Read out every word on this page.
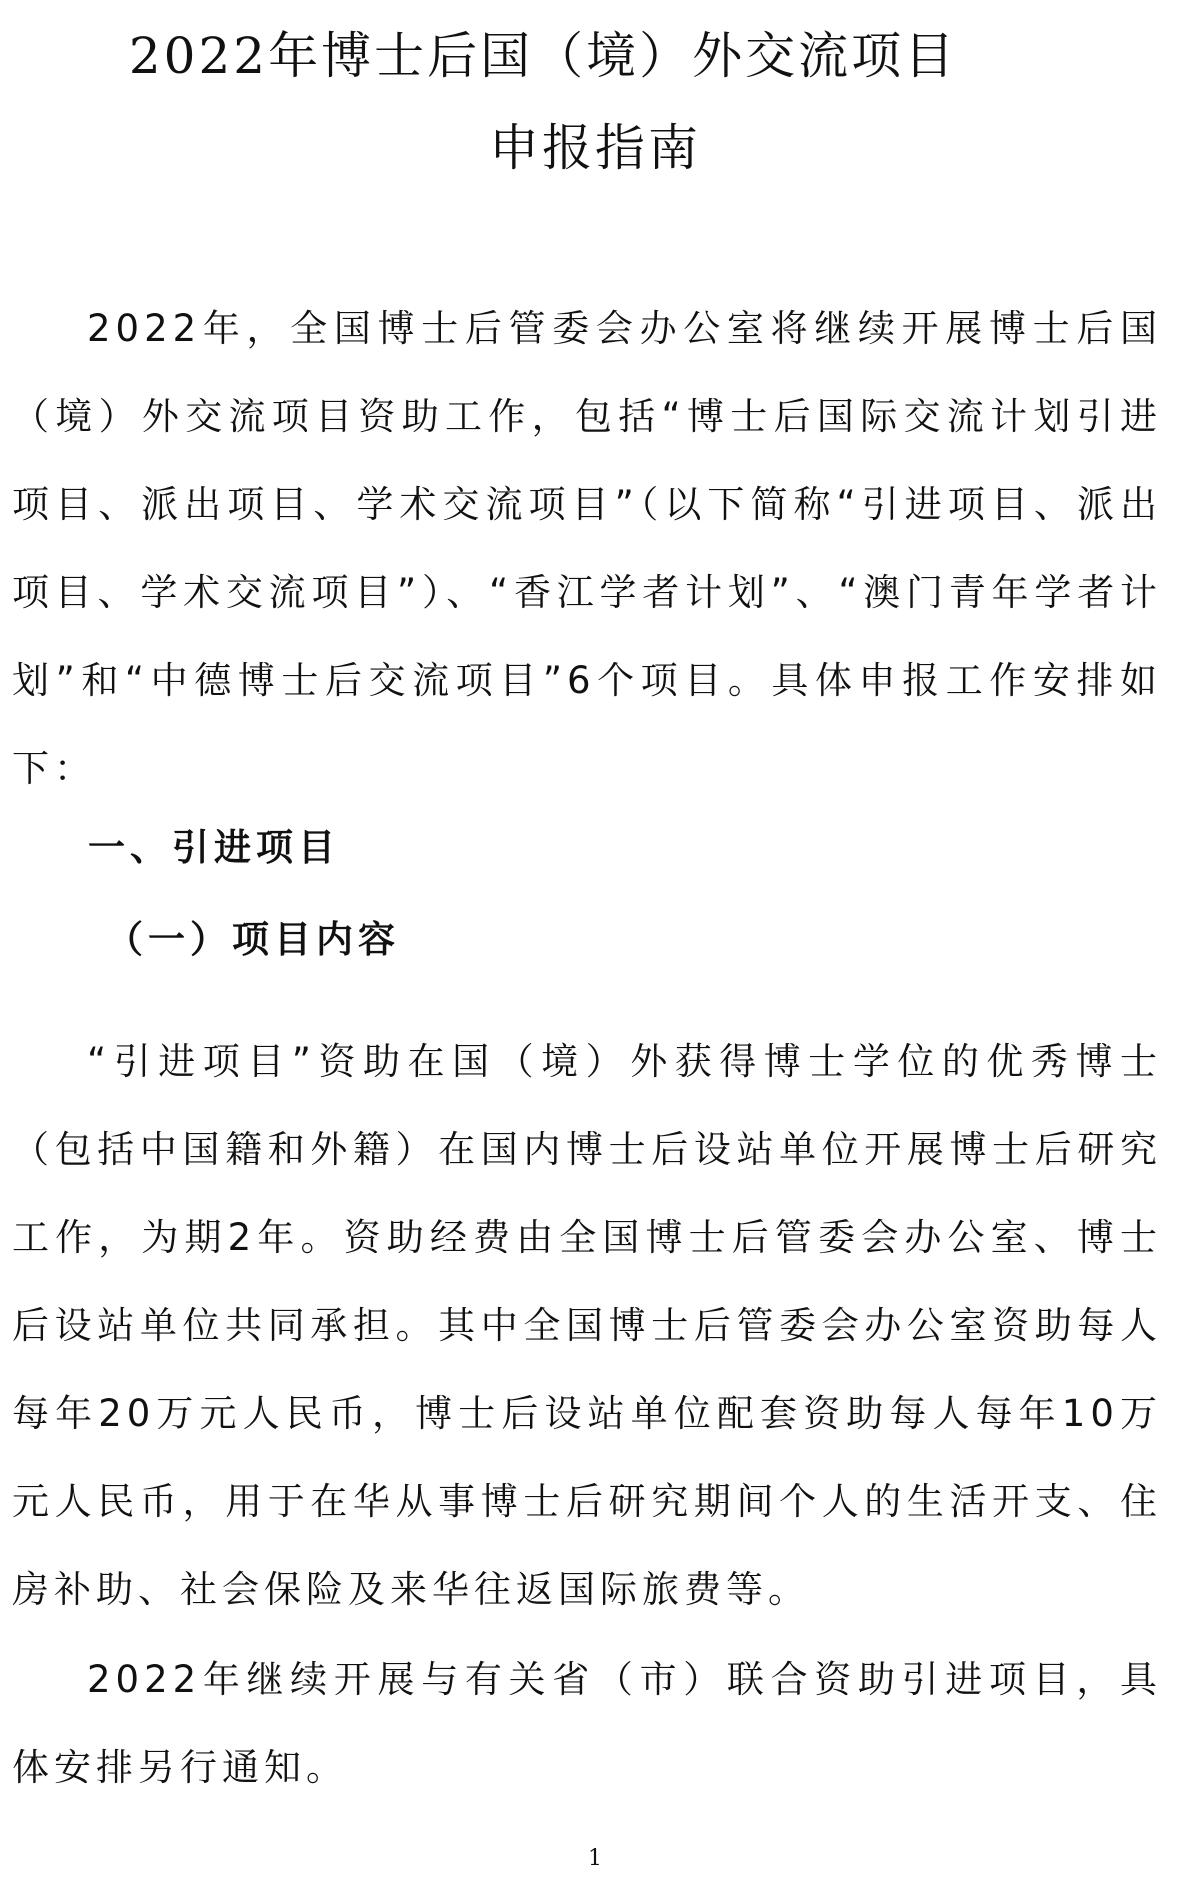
2022年博士后国（境）外交流项目
申报指南

2022年，全国博士后管委会办公室将继续开展博士后国（境）外交流项目资助工作，包括“博士后国际交流计划引进项目、派出项目、学术交流项目”（以下简称“引进项目、派出项目、学术交流项目”）、“香江学者计划”、“澳门青年学者计划”和“中德博士后交流项目”6个项目。具体申报工作安排如下：

一、引进项目
（一）项目内容

“引进项目”资助在国（境）外获得博士学位的优秀博士（包括中国籍和外籍）在国内博士后设站单位开展博士后研究工作，为期2年。资助经费由全国博士后管委会办公室、博士后设站单位共同承担。其中全国博士后管委会办公室资助每人每年20万元人民币，博士后设站单位配套资助每人每年10万元人民币，用于在华从事博士后研究期间个人的生活开支、住房补助、社会保险及来华往返国际旅费等。

2022年继续开展与有关省（市）联合资助引进项目，具体安排另行通知。

1
